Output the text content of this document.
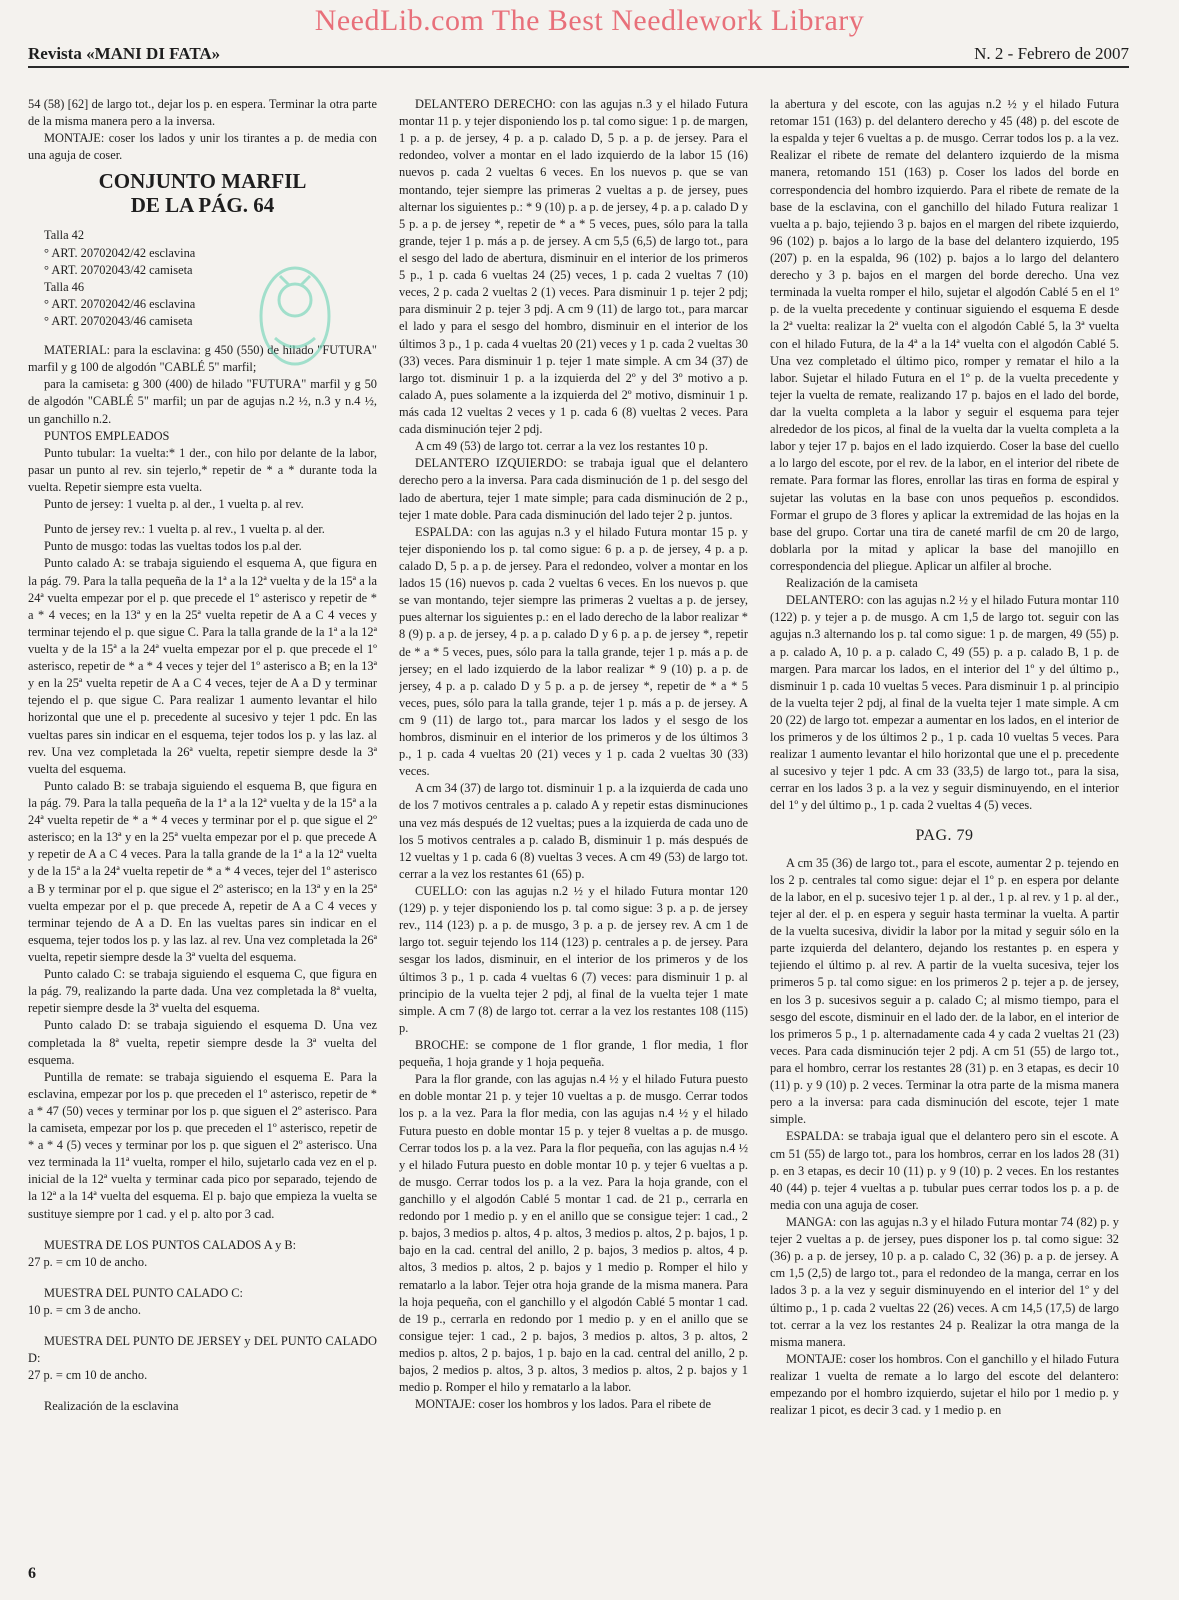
NeedLib.com The Best Needlework Library
Revista «MANI DI FATA»	N. 2 - Febrero de 2007

54 (58) [62] de largo tot., dejar los p. en espera. Terminar la otra parte de la misma manera pero a la inversa.

MONTAJE: coser los lados y unir los tirantes a p. de media con una aguja de coser.

CONJUNTO MARFIL
DE LA PÁG. 64

Talla 42

° ART. 20702042/42 esclavina

° ART. 20702043/42 camiseta

Talla 46

° ART. 20702042/46 esclavina

° ART. 20702043/46 camiseta

MATERIAL: para la esclavina: g 450 (550) de hilado "FUTURA" marfil y g 100 de algodón "CABLÉ 5" marfil;

para la camiseta: g 300 (400) de hilado "FUTURA" marfil y g 50 de algodón "CABLÉ 5" marfil; un par de agujas n.2 ½, n.3 y n.4 ½, un ganchillo n.2.

PUNTOS EMPLEADOS

Punto tubular: 1a vuelta:* 1 der., con hilo por delante de la labor, pasar un punto al rev. sin tejerlo,* repetir de * a * durante toda la vuelta. Repetir siempre esta vuelta.

Punto de jersey: 1 vuelta p. al der., 1 vuelta p. al rev.

Punto de jersey rev.: 1 vuelta p. al rev., 1 vuelta p. al der.

Punto de musgo: todas las vueltas todos los p.al der.

Punto calado A: se trabaja siguiendo el esquema A, que figura en la pág. 79. Para la talla pequeña de la 1ª a la 12ª vuelta y de la 15ª a la 24ª vuelta empezar por el p. que precede el 1º asterisco y repetir de * a * 4 veces; en la 13ª y en la 25ª vuelta repetir de A a C 4 veces y terminar tejendo el p. que sigue C. Para la talla grande de la 1ª a la 12ª vuelta y de la 15ª a la 24ª vuelta empezar por el p. que precede el 1º asterisco, repetir de * a * 4 veces y tejer del 1º asterisco a B; en la 13ª y en la 25ª vuelta repetir de A a C 4 veces, tejer de A a D y terminar tejendo el p. que sigue C. Para realizar 1 aumento levantar el hilo horizontal que une el p. precedente al sucesivo y tejer 1 pdc. En las vueltas pares sin indicar en el esquema, tejer todos los p. y las laz. al rev. Una vez completada la 26ª vuelta, repetir siempre desde la 3ª vuelta del esquema.

Punto calado B: se trabaja siguiendo el esquema B, que figura en la pág. 79. Para la talla pequeña de la 1ª a la 12ª vuelta y de la 15ª a la 24ª vuelta repetir de * a * 4 veces y terminar por el p. que sigue el 2º asterisco; en la 13ª y en la 25ª vuelta empezar por el p. que precede A y repetir de A a C 4 veces. Para la talla grande de la 1ª a la 12ª vuelta y de la 15ª a la 24ª vuelta repetir de * a * 4 veces, tejer del 1º asterisco a B y terminar por el p. que sigue el 2º asterisco; en la 13ª y en la 25ª vuelta empezar por el p. que precede A, repetir de A a C 4 veces y terminar tejendo de A a D. En las vueltas pares sin indicar en el esquema, tejer todos los p. y las laz. al rev. Una vez completada la 26ª vuelta, repetir siempre desde la 3ª vuelta del esquema.

Punto calado C: se trabaja siguiendo el esquema C, que figura en la pág. 79, realizando la parte dada. Una vez completada la 8ª vuelta, repetir siempre desde la 3ª vuelta del esquema.

Punto calado D: se trabaja siguiendo el esquema D. Una vez completada la 8ª vuelta, repetir siempre desde la 3ª vuelta del esquema.

Puntilla de remate: se trabaja siguiendo el esquema E. Para la esclavina, empezar por los p. que preceden el 1º asterisco, repetir de * a * 47 (50) veces y terminar por los p. que siguen el 2º asterisco. Para la camiseta, empezar por los p. que preceden el 1º asterisco, repetir de * a * 4 (5) veces y terminar por los p. que siguen el 2º asterisco. Una vez terminada la 11ª vuelta, romper el hilo, sujetarlo cada vez en el p. inicial de la 12ª vuelta y terminar cada pico por separado, tejendo de la 12ª a la 14ª vuelta del esquema. El p. bajo que empieza la vuelta se sustituye siempre por 1 cad. y el p. alto por 3 cad.

MUESTRA DE LOS PUNTOS CALADOS A y B:

27 p. = cm 10 de ancho.

MUESTRA DEL PUNTO CALADO C:

10 p. = cm 3 de ancho.

MUESTRA DEL PUNTO DE JERSEY y DEL PUNTO CALADO D:

27 p. = cm 10 de ancho.

Realización de la esclavina

DELANTERO DERECHO: con las agujas n.3 y el hilado Futura montar 11 p. y tejer disponiendo los p. tal como sigue: 1 p. de margen, 1 p. a p. de jersey, 4 p. a p. calado D, 5 p. a p. de jersey. Para el redondeo, volver a montar en el lado izquierdo de la labor 15 (16) nuevos p. cada 2 vueltas 6 veces. En los nuevos p. que se van montando, tejer siempre las primeras 2 vueltas a p. de jersey, pues alternar los siguientes p.: * 9 (10) p. a p. de jersey, 4 p. a p. calado D y 5 p. a p. de jersey *, repetir de * a * 5 veces, pues, sólo para la talla grande, tejer 1 p. más a p. de jersey. A cm 5,5 (6,5) de largo tot., para el sesgo del lado de abertura, disminuir en el interior de los primeros 5 p., 1 p. cada 6 vueltas 24 (25) veces, 1 p. cada 2 vueltas 7 (10) veces, 2 p. cada 2 vueltas 2 (1) veces. Para disminuir 1 p. tejer 2 pdj; para disminuir 2 p. tejer 3 pdj. A cm 9 (11) de largo tot., para marcar el lado y para el sesgo del hombro, disminuir en el interior de los últimos 3 p., 1 p. cada 4 vueltas 20 (21) veces y 1 p. cada 2 vueltas 30 (33) veces. Para disminuir 1 p. tejer 1 mate simple. A cm 34 (37) de largo tot. disminuir 1 p. a la izquierda del 2º y del 3º motivo a p. calado A, pues solamente a la izquierda del 2º motivo, disminuir 1 p. más cada 12 vueltas 2 veces y 1 p. cada 6 (8) vueltas 2 veces. Para cada disminución tejer 2 pdj.

A cm 49 (53) de largo tot. cerrar a la vez los restantes 10 p.

DELANTERO IZQUIERDO: se trabaja igual que el delantero derecho pero a la inversa. Para cada disminución de 1 p. del sesgo del lado de abertura, tejer 1 mate simple; para cada disminución de 2 p., tejer 1 mate doble. Para cada disminución del lado tejer 2 p. juntos.

ESPALDA: con las agujas n.3 y el hilado Futura montar 15 p. y tejer disponiendo los p. tal como sigue: 6 p. a p. de jersey, 4 p. a p. calado D, 5 p. a p. de jersey. Para el redondeo, volver a montar en los lados 15 (16) nuevos p. cada 2 vueltas 6 veces. En los nuevos p. que se van montando, tejer siempre las primeras 2 vueltas a p. de jersey, pues alternar los siguientes p.: en el lado derecho de la labor realizar * 8 (9) p. a p. de jersey, 4 p. a p. calado D y 6 p. a p. de jersey *, repetir de * a * 5 veces, pues, sólo para la talla grande, tejer 1 p. más a p. de jersey; en el lado izquierdo de la labor realizar * 9 (10) p. a p. de jersey, 4 p. a p. calado D y 5 p. a p. de jersey *, repetir de * a * 5 veces, pues, sólo para la talla grande, tejer 1 p. más a p. de jersey. A cm 9 (11) de largo tot., para marcar los lados y el sesgo de los hombros, disminuir en el interior de los primeros y de los últimos 3 p., 1 p. cada 4 vueltas 20 (21) veces y 1 p. cada 2 vueltas 30 (33) veces.

A cm 34 (37) de largo tot. disminuir 1 p. a la izquierda de cada uno de los 7 motivos centrales a p. calado A y repetir estas disminuciones una vez más después de 12 vueltas; pues a la izquierda de cada uno de los 5 motivos centrales a p. calado B, disminuir 1 p. más después de 12 vueltas y 1 p. cada 6 (8) vueltas 3 veces. A cm 49 (53) de largo tot. cerrar a la vez los restantes 61 (65) p.

CUELLO: con las agujas n.2 ½ y el hilado Futura montar 120 (129) p. y tejer disponiendo los p. tal como sigue: 3 p. a p. de jersey rev., 114 (123) p. a p. de musgo, 3 p. a p. de jersey rev. A cm 1 de largo tot. seguir tejendo los 114 (123) p. centrales a p. de jersey. Para sesgar los lados, disminuir, en el interior de los primeros y de los últimos 3 p., 1 p. cada 4 vueltas 6 (7) veces: para disminuir 1 p. al principio de la vuelta tejer 2 pdj, al final de la vuelta tejer 1 mate simple. A cm 7 (8) de largo tot. cerrar a la vez los restantes 108 (115) p.

BROCHE: se compone de 1 flor grande, 1 flor media, 1 flor pequeña, 1 hoja grande y 1 hoja pequeña.

Para la flor grande, con las agujas n.4 ½ y el hilado Futura puesto en doble montar 21 p. y tejer 10 vueltas a p. de musgo. Cerrar todos los p. a la vez. Para la flor media, con las agujas n.4 ½ y el hilado Futura puesto en doble montar 15 p. y tejer 8 vueltas a p. de musgo. Cerrar todos los p. a la vez. Para la flor pequeña, con las agujas n.4 ½ y el hilado Futura puesto en doble montar 10 p. y tejer 6 vueltas a p. de musgo. Cerrar todos los p. a la vez. Para la hoja grande, con el ganchillo y el algodón Cablé 5 montar 1 cad. de 21 p., cerrarla en redondo por 1 medio p. y en el anillo que se consigue tejer: 1 cad., 2 p. bajos, 3 medios p. altos, 4 p. altos, 3 medios p. altos, 2 p. bajos, 1 p. bajo en la cad. central del anillo, 2 p. bajos, 3 medios p. altos, 4 p. altos, 3 medios p. altos, 2 p. bajos y 1 medio p. Romper el hilo y rematarlo a la labor. Tejer otra hoja grande de la misma manera. Para la hoja pequeña, con el ganchillo y el algodón Cablé 5 montar 1 cad. de 19 p., cerrarla en redondo por 1 medio p. y en el anillo que se consigue tejer: 1 cad., 2 p. bajos, 3 medios p. altos, 3 p. altos, 2 medios p. altos, 2 p. bajos, 1 p. bajo en la cad. central del anillo, 2 p. bajos, 2 medios p. altos, 3 p. altos, 3 medios p. altos, 2 p. bajos y 1 medio p. Romper el hilo y rematarlo a la labor.

MONTAJE: coser los hombros y los lados. Para el ribete de

la abertura y del escote, con las agujas n.2 ½ y el hilado Futura retomar 151 (163) p. del delantero derecho y 45 (48) p. del escote de la espalda y tejer 6 vueltas a p. de musgo. Cerrar todos los p. a la vez. Realizar el ribete de remate del delantero izquierdo de la misma manera, retomando 151 (163) p. Coser los lados del borde en correspondencia del hombro izquierdo. Para el ribete de remate de la base de la esclavina, con el ganchillo del hilado Futura realizar 1 vuelta a p. bajo, tejiendo 3 p. bajos en el margen del ribete izquierdo, 96 (102) p. bajos a lo largo de la base del delantero izquierdo, 195 (207) p. en la espalda, 96 (102) p. bajos a lo largo del delantero derecho y 3 p. bajos en el margen del borde derecho. Una vez terminada la vuelta romper el hilo, sujetar el algodón Cablé 5 en el 1º p. de la vuelta precedente y continuar siguiendo el esquema E desde la 2ª vuelta: realizar la 2ª vuelta con el algodón Cablé 5, la 3ª vuelta con el hilado Futura, de la 4ª a la 14ª vuelta con el algodón Cablé 5. Una vez completado el último pico, romper y rematar el hilo a la labor. Sujetar el hilado Futura en el 1º p. de la vuelta precedente y tejer la vuelta de remate, realizando 17 p. bajos en el lado del borde, dar la vuelta completa a la labor y seguir el esquema para tejer alrededor de los picos, al final de la vuelta dar la vuelta completa a la labor y tejer 17 p. bajos en el lado izquierdo. Coser la base del cuello a lo largo del escote, por el rev. de la labor, en el interior del ribete de remate. Para formar las flores, enrollar las tiras en forma de espiral y sujetar las volutas en la base con unos pequeños p. escondidos. Formar el grupo de 3 flores y aplicar la extremidad de las hojas en la base del grupo. Cortar una tira de caneté marfil de cm 20 de largo, doblarla por la mitad y aplicar la base del manojillo en correspondencia del pliegue. Aplicar un alfiler al broche.

Realización de la camiseta

DELANTERO: con las agujas n.2 ½ y el hilado Futura montar 110 (122) p. y tejer a p. de musgo. A cm 1,5 de largo tot. seguir con las agujas n.3 alternando los p. tal como sigue: 1 p. de margen, 49 (55) p. a p. calado A, 10 p. a p. calado C, 49 (55) p. a p. calado B, 1 p. de margen. Para marcar los lados, en el interior del 1º y del último p., disminuir 1 p. cada 10 vueltas 5 veces. Para disminuir 1 p. al principio de la vuelta tejer 2 pdj, al final de la vuelta tejer 1 mate simple. A cm 20 (22) de largo tot. empezar a aumentar en los lados, en el interior de los primeros y de los últimos 2 p., 1 p. cada 10 vueltas 5 veces. Para realizar 1 aumento levantar el hilo horizontal que une el p. precedente al sucesivo y tejer 1 pdc. A cm 33 (33,5) de largo tot., para la sisa, cerrar en los lados 3 p. a la vez y seguir disminuyendo, en el interior del 1º y del último p., 1 p. cada 2 vueltas 4 (5) veces.

PAG. 79

A cm 35 (36) de largo tot., para el escote, aumentar 2 p. tejendo en los 2 p. centrales tal como sigue: dejar el 1º p. en espera por delante de la labor, en el p. sucesivo tejer 1 p. al der., 1 p. al rev. y 1 p. al der., tejer al der. el p. en espera y seguir hasta terminar la vuelta. A partir de la vuelta sucesiva, dividir la labor por la mitad y seguir sólo en la parte izquierda del delantero, dejando los restantes p. en espera y tejiendo el último p. al rev. A partir de la vuelta sucesiva, tejer los primeros 5 p. tal como sigue: en los primeros 2 p. tejer a p. de jersey, en los 3 p. sucesivos seguir a p. calado C; al mismo tiempo, para el sesgo del escote, disminuir en el lado der. de la labor, en el interior de los primeros 5 p., 1 p. alternadamente cada 4 y cada 2 vueltas 21 (23) veces. Para cada disminución tejer 2 pdj. A cm 51 (55) de largo tot., para el hombro, cerrar los restantes 28 (31) p. en 3 etapas, es decir 10 (11) p. y 9 (10) p. 2 veces. Terminar la otra parte de la misma manera pero a la inversa: para cada disminución del escote, tejer 1 mate simple.

ESPALDA: se trabaja igual que el delantero pero sin el escote. A cm 51 (55) de largo tot., para los hombros, cerrar en los lados 28 (31) p. en 3 etapas, es decir 10 (11) p. y 9 (10) p. 2 veces. En los restantes 40 (44) p. tejer 4 vueltas a p. tubular pues cerrar todos los p. a p. de media con una aguja de coser.

MANGA: con las agujas n.3 y el hilado Futura montar 74 (82) p. y tejer 2 vueltas a p. de jersey, pues disponer los p. tal como sigue: 32 (36) p. a p. de jersey, 10 p. a p. calado C, 32 (36) p. a p. de jersey. A cm 1,5 (2,5) de largo tot., para el redondeo de la manga, cerrar en los lados 3 p. a la vez y seguir disminuyendo en el interior del 1º y del último p., 1 p. cada 2 vueltas 22 (26) veces. A cm 14,5 (17,5) de largo tot. cerrar a la vez los restantes 24 p. Realizar la otra manga de la misma manera.

MONTAJE: coser los hombros. Con el ganchillo y el hilado Futura realizar 1 vuelta de remate a lo largo del escote del delantero: empezando por el hombro izquierdo, sujetar el hilo por 1 medio p. y realizar 1 picot, es decir 3 cad. y 1 medio p. en

6
